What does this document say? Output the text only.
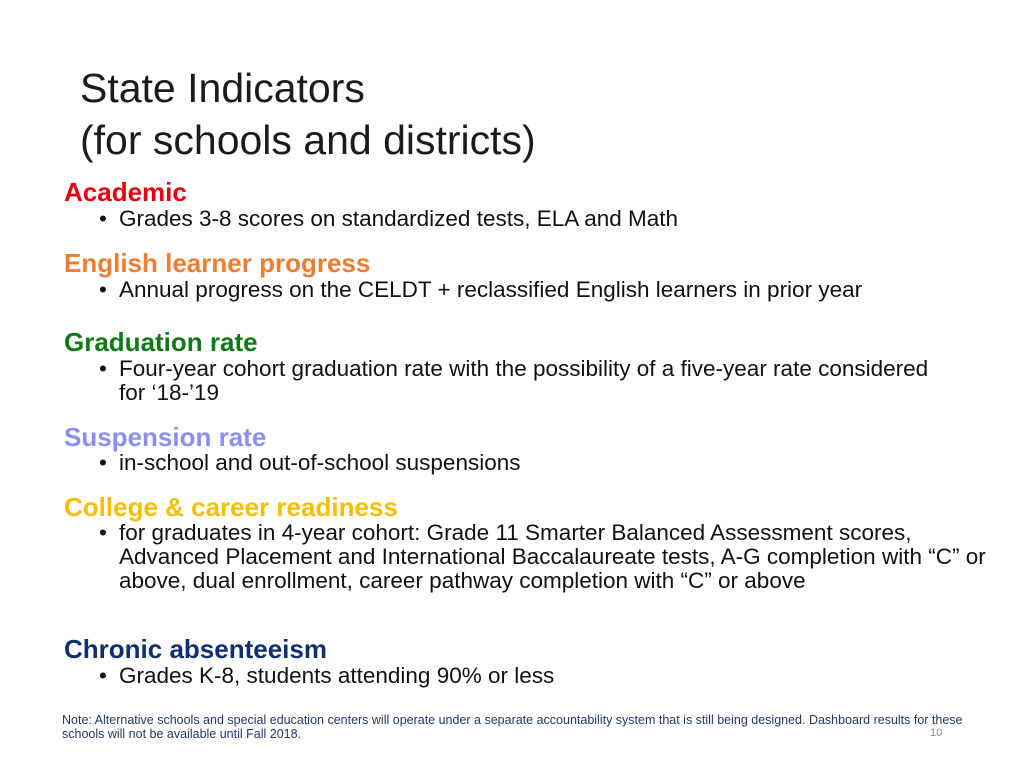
State Indicators
(for schools and districts)

Academic

• Grades 3-8 scores on standardized tests, ELA and Math

English learner progress

• Annual progress on the CELDT + reclassified English learners in prior year

Graduation rate

• Four-year cohort graduation rate with the possibility of a five-year rate considered for ‘18-’19

Suspension rate

• in-school and out-of-school suspensions

College & career readiness

• for graduates in 4-year cohort: Grade 11 Smarter Balanced Assessment scores, Advanced Placement and International Baccalaureate tests, A-G completion with “C” or above, dual enrollment, career pathway completion with “C” or above

Chronic absenteeism

• Grades K-8, students attending 90% or less

Note: Alternative schools and special education centers will operate under a separate accountability system that is still being designed. Dashboard results for these schools will not be available until Fall 2018.	10
